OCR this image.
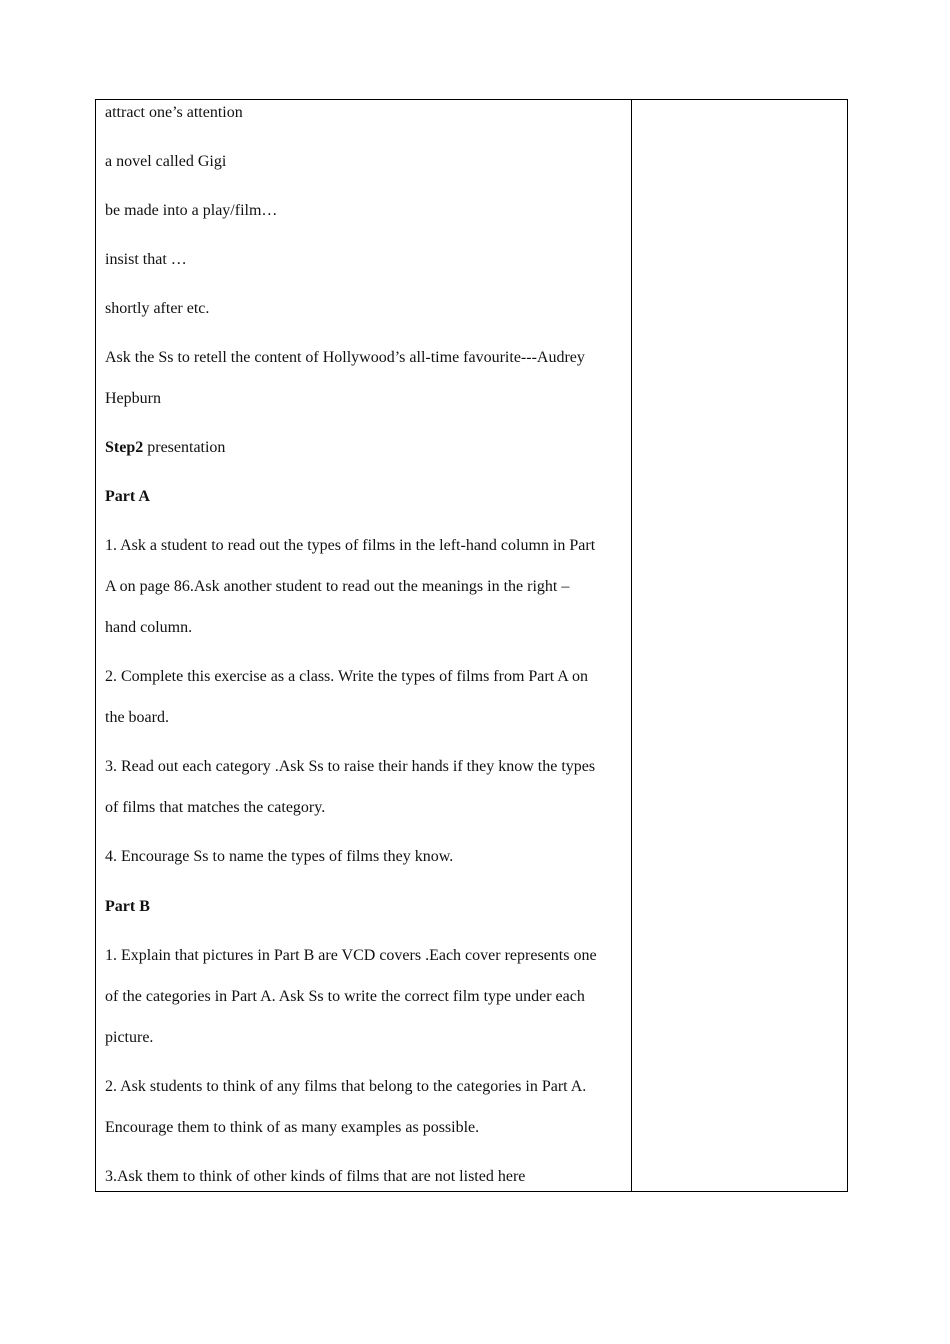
attract one’s attention
a novel called Gigi
be made into a play/film…
insist that …
shortly after etc.
Ask the Ss to retell the content of Hollywood’s all-time favourite---Audrey
Hepburn
Step2 presentation
Part A
1. Ask a student to read out the types of films in the left-hand column in Part
A on page 86.Ask another student to read out the meanings in the right –
hand column.
2. Complete this exercise as a class. Write the types of films from Part A on
the board.
3. Read out each category .Ask Ss to raise their hands if they know the types
of films that matches the category.
4. Encourage Ss to name the types of films they know.
Part B
1. Explain that pictures in Part B are VCD covers .Each cover represents one
of the categories in Part A. Ask Ss to write the correct film type under each
picture.
2. Ask students to think of any films that belong to the categories in Part A.
Encourage them to think of as many examples as possible.
3.Ask them to think of other kinds of films that are not listed here
